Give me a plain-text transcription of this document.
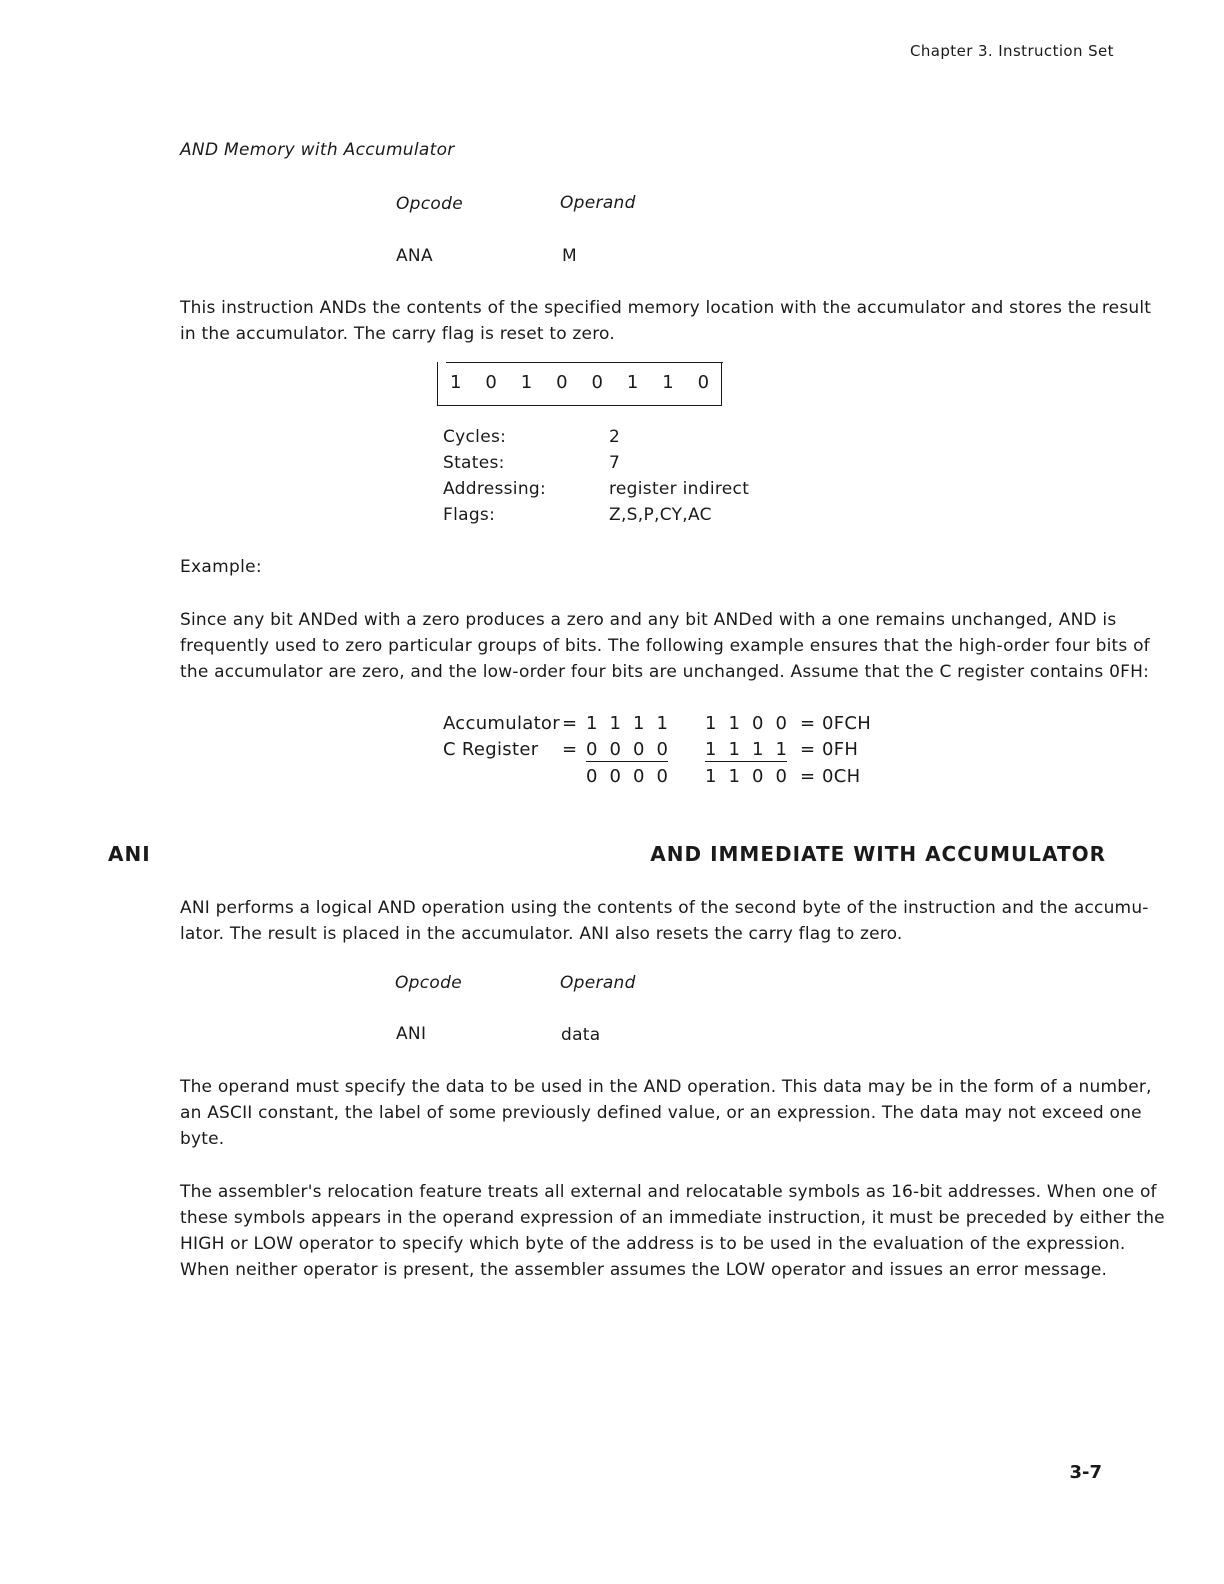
Chapter 3. Instruction Set
AND Memory with Accumulator
Opcode	Operand
ANA	M
This instruction ANDs the contents of the specified memory location with the accumulator and stores the result
in the accumulator. The carry flag is reset to zero.
1	0	1	0	0	1	1	0
Cycles:	2
States:	7
Addressing:	register indirect
Flags:	Z,S,P,CY,AC
Example:
Since any bit ANDed with a zero produces a zero and any bit ANDed with a one remains unchanged, AND is
frequently used to zero particular groups of bits. The following example ensures that the high-order four bits of
the accumulator are zero, and the low-order four bits are unchanged. Assume that the C register contains 0FH:
Accumulator = 1 1 1 1 1 1 0 0 = 0FCH
C Register = 0 0 0 0 1 1 1 1 = 0FH
0 0 0 0 1 1 0 0 = 0CH
ANI	AND IMMEDIATE WITH ACCUMULATOR
ANI performs a logical AND operation using the contents of the second byte of the instruction and the accumu-
lator. The result is placed in the accumulator. ANI also resets the carry flag to zero.
Opcode	Operand
ANI	data
The operand must specify the data to be used in the AND operation. This data may be in the form of a number,
an ASCII constant, the label of some previously defined value, or an expression. The data may not exceed one
byte.
The assembler's relocation feature treats all external and relocatable symbols as 16-bit addresses. When one of
these symbols appears in the operand expression of an immediate instruction, it must be preceded by either the
HIGH or LOW operator to specify which byte of the address is to be used in the evaluation of the expression.
When neither operator is present, the assembler assumes the LOW operator and issues an error message.
3-7
